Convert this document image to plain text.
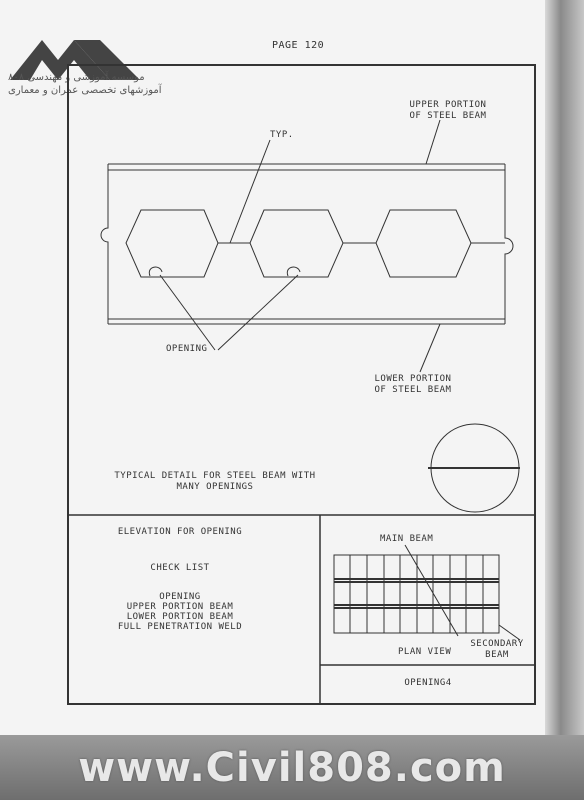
موسسه آموزشی و مهندسی ۸۰۸
آموزشهای تخصصی عمران و معماری
PAGE 120
TYP.
UPPER PORTION
OF STEEL BEAM
OPENING
LOWER PORTION
OF STEEL BEAM
TYPICAL DETAIL FOR STEEL BEAM WITH
MANY OPENINGS
ELEVATION FOR OPENING
CHECK LIST
OPENING
UPPER PORTION BEAM
LOWER PORTION BEAM
FULL PENETRATION WELD
MAIN BEAM
PLAN VIEW
SECONDARY
BEAM
OPENING4
www.Civil808.com
